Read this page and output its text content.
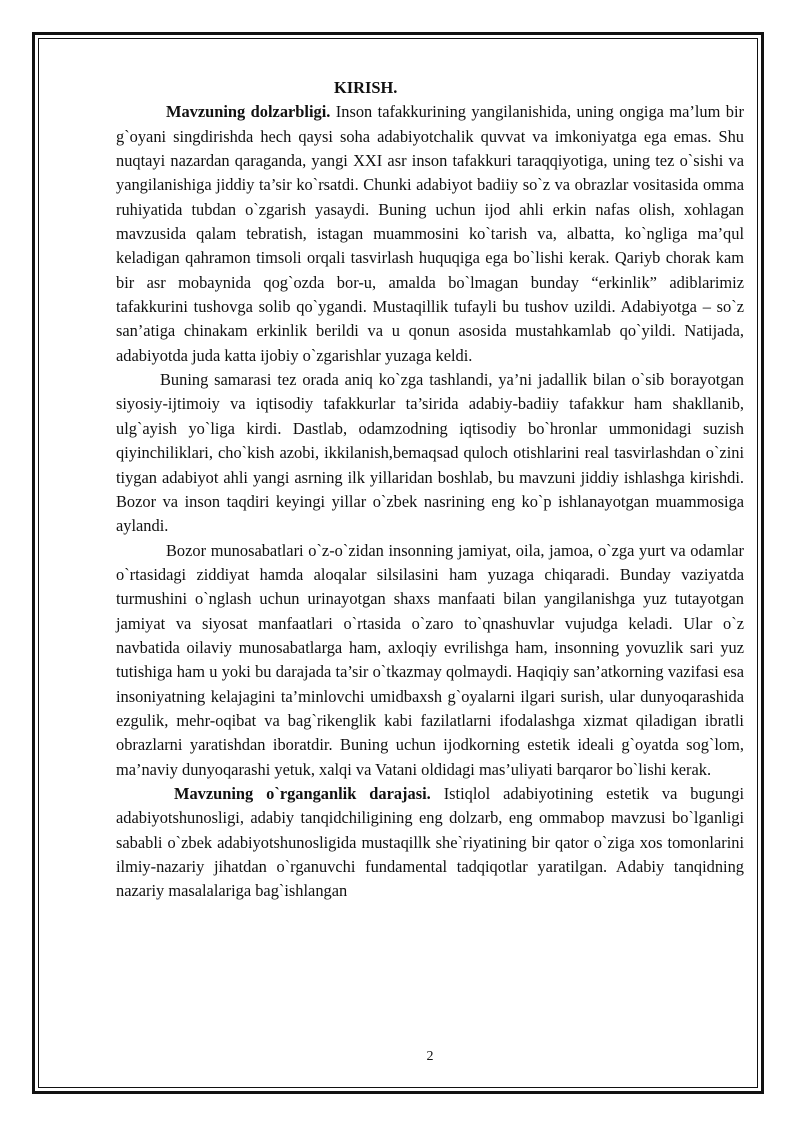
KIRISH.

Mavzuning dolzarbligi. Inson tafakkurining yangilanishida, uning ongiga ma’lum bir g`oyani singdirishda hech qaysi soha adabiyotchalik quvvat va imkoniyatga ega emas. Shu nuqtayi nazardan qaraganda, yangi XXI asr inson tafakkuri taraqqiyotiga, uning tez o`sishi va yangilanishiga jiddiy ta’sir ko`rsatdi. Chunki adabiyot badiiy so`z va obrazlar vositasida omma ruhiyatida tubdan o`zgarish yasaydi. Buning uchun ijod ahli erkin nafas olish, xohlagan mavzusida qalam tebratish, istagan muammosini ko`tarish va, albatta, ko`ngliga ma’qul keladigan qahramon timsoli orqali tasvirlash huquqiga ega bo`lishi kerak. Qariyb chorak kam bir asr mobaynida qog`ozda bor-u, amalda bo`lmagan bunday “erkinlik” adiblarimiz tafakkurini tushovga solib qo`ygandi. Mustaqillik tufayli bu tushov uzildi. Adabiyotga – so`z san’atiga chinakam erkinlik berildi va u qonun asosida mustahkamlab qo`yildi. Natijada, adabiyotda juda katta ijobiy o`zgarishlar yuzaga keldi.

Buning samarasi tez orada aniq ko`zga tashlandi, ya’ni jadallik bilan o`sib borayotgan siyosiy-ijtimoiy va iqtisodiy tafakkurlar ta’sirida adabiy-badiiy tafakkur ham shakllanib, ulg`ayish yo`liga kirdi. Dastlab, odamzodning iqtisodiy bo`hronlar ummonidagi suzish qiyinchiliklari, cho`kish azobi, ikkilanish,bemaqsad quloch otishlarini real tasvirlashdan o`zini tiygan adabiyot ahli yangi asrning ilk yillaridan boshlab, bu mavzuni jiddiy ishlashga kirishdi. Bozor va inson taqdiri keyingi yillar o`zbek nasrining eng ko`p ishlanayotgan muammosiga aylandi.

Bozor munosabatlari o`z-o`zidan insonning jamiyat, oila, jamoa, o`zga yurt va odamlar o`rtasidagi ziddiyat hamda aloqalar silsilasini ham yuzaga chiqaradi. Bunday vaziyatda turmushini o`nglash uchun urinayotgan shaxs manfaati bilan yangilanishga yuz tutayotgan jamiyat va siyosat manfaatlari o`rtasida o`zaro to`qnashuvlar vujudga keladi. Ular o`z navbatida oilaviy munosabatlarga ham, axloqiy evrilishga ham, insonning yovuzlik sari yuz tutishiga ham u yoki bu darajada ta’sir o`tkazmay qolmaydi. Haqiqiy san’atkorning vazifasi esa insoniyatning kelajagini ta’minlovchi umidbaxsh g`oyalarni ilgari surish, ular dunyoqarashida ezgulik, mehr-oqibat va bag`rikenglik kabi fazilatlarni ifodalashga xizmat qiladigan ibratli obrazlarni yaratishdan iboratdir. Buning uchun ijodkorning estetik ideali g`oyatda sog`lom, ma’naviy dunyoqarashi yetuk, xalqi va Vatani oldidagi mas’uliyati barqaror bo`lishi kerak.

Mavzuning o`rganganlik darajasi. Istiqlol adabiyotining estetik va bugungi adabiyotshunosligi, adabiy tanqidchiligining eng dolzarb, eng ommabop mavzusi bo`lganligi sababli o`zbek adabiyotshunosligida mustaqillk she`riyatining bir qator o`ziga xos tomonlarini ilmiy-nazariy jihatdan o`rganuvchi fundamental tadqiqotlar yaratilgan. Adabiy tanqidning nazariy masalalariga bag`ishlangan

2
